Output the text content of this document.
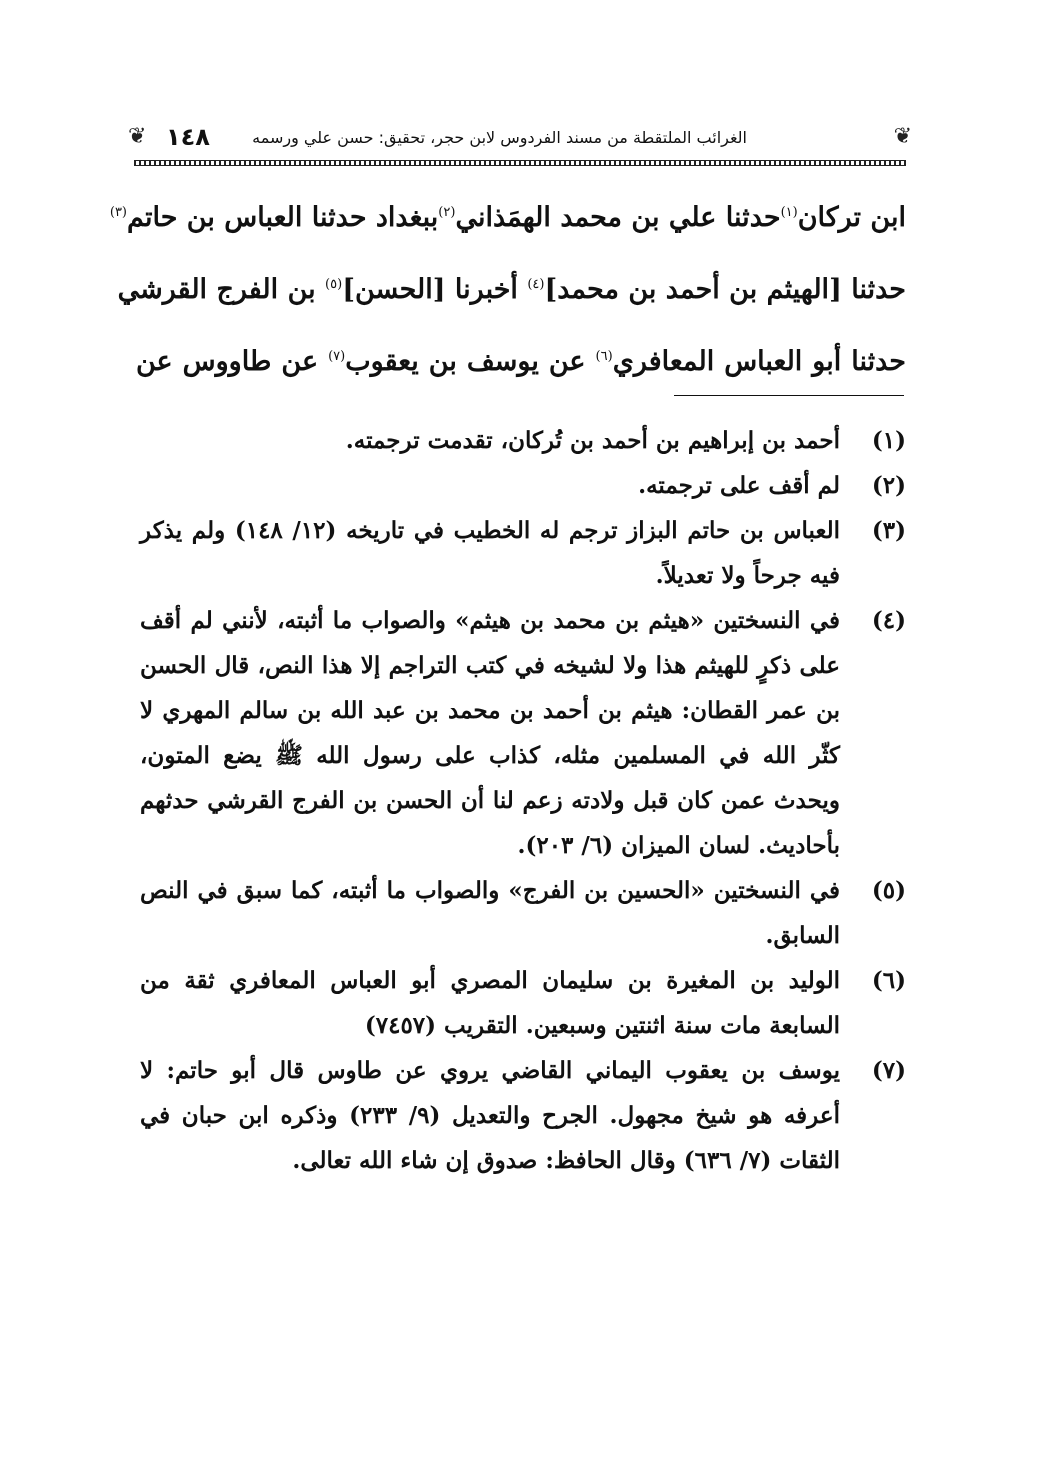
❦
الغرائب الملتقطة من مسند الفردوس لابن حجر، تحقيق: حسن علي ورسمه
١٤٨
❦
ابن تركان$^{(١)}$حدثنا علي بن محمد الهمَذاني$^{(٢)}$ببغداد حدثنا العباس بن حاتم$^{(٣)}$
حدثنا [الهيثم بن أحمد بن محمد]$^{(٤)}$ أخبرنا [الحسن]$^{(٥)}$ بن الفرج القرشي
حدثنا أبو العباس المعافري$^{(٦)}$ عن يوسف بن يعقوب$^{(٧)}$ عن طاووس عن
(١)
أحمد بن إبراهيم بن أحمد بن تُركان، تقدمت ترجمته.
(٢)
لم أقف على ترجمته.
(٣)
العباس بن حاتم البزاز ترجم له الخطيب في تاريخه (١٢/ ١٤٨) ولم يذكر فيه جرحاً ولا تعديلاً.
(٤)
في النسختين «هيثم بن محمد بن هيثم» والصواب ما أثبته، لأنني لم أقف على ذكرٍ للهيثم هذا ولا لشيخه في كتب التراجم إلا هذا النص، قال الحسن بن عمر القطان: هيثم بن أحمد بن محمد بن عبد الله بن سالم المهري لا كثّر الله في المسلمين مثله، كذاب على رسول الله ﷺ يضع المتون، ويحدث عمن كان قبل ولادته زعم لنا أن الحسن بن الفرج القرشي حدثهم بأحاديث. لسان الميزان (٦/ ٢٠٣).
(٥)
في النسختين «الحسين بن الفرج» والصواب ما أثبته، كما سبق في النص السابق.
(٦)
الوليد بن المغيرة بن سليمان المصري أبو العباس المعافري ثقة من السابعة مات سنة اثنتين وسبعين. التقريب (٧٤٥٧)
(٧)
يوسف بن يعقوب اليماني القاضي يروي عن طاوس قال أبو حاتم: لا أعرفه هو شيخ مجهول. الجرح والتعديل (٩/ ٢٣٣) وذكره ابن حبان في الثقات (٧/ ٦٣٦) وقال الحافظ: صدوق إن شاء الله تعالى.
